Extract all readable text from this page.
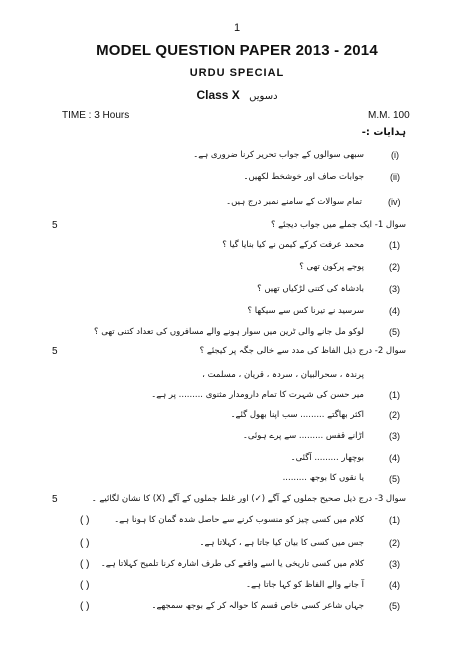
1
MODEL QUESTION PAPER 2013 - 2014
URDU SPECIAL
Class X دسویں
TIME : 3 Hours	M.M. 100
ہدایات :-
(i)
سبھی سوالوں کے جواب تحریر کرنا ضروری ہے۔
(ii)
جوابات صاف اور خوشخط لکھیں۔
(iv)
تمام سوالات کے سامنے نمبر درج ہیں۔
5	سوال 1- ایک جملے میں جواب دیجئے ؟
(1)
محمد عرفت کرکے کیمن نے کیا بنایا گیا ؟
(2)
پوجے پرکون تھی ؟
(3)
بادشاہ کی کتنی لڑکیاں تھیں ؟
(4)
سرسید نے تیرنا کس سے سیکھا ؟
(5)
لوکو مل جانے والی ٹرین میں سوار ہونے والے مسافروں کی تعداد کتنی تھی ؟
5	سوال 2- درج ذیل الفاظ کی مدد سے خالی جگہ پر کیجئے ؟
پرندہ ، سحرالبیان ، سردہ ، قریان ، مسلمت ،
(1)
میر حسن کی شہرت کا تمام دارومدار مثنوی ......... پر ہے۔
(2)
اکثر بھاگتے ......... سب اپنا بھول گئے۔
(3)
اڑانے قفس ......... سے پرے ہوئی۔
(4)
بوچھار ......... آگئی۔
(5)
یا نقوں کا بوجھ .........
5	سوال 3- درج ذیل صحیح جملوں کے آگے (✓) اور غلط جملوں کے آگے (X) کا نشان لگائیے ۔
( )	(1)
کلام میں کسی چیز کو منسوب کرنے سے حاصل شدہ گمان کا ہونا ہے۔
( )	(2)
جس میں کسی کا بیان کیا جاتا ہے ، کہلاتا ہے۔
( )	(3)
کلام میں کسی تاریخی یا اسے واقعے کی طرف اشارہ کرنا تلمیح کہلاتا ہے۔
( )	(4)
آ جانے والے الفاظ کو کہا جاتا ہے۔
( )	(5)
جہاں شاعر کسی خاص قسم کا حوالہ کر کے بوجھ سمجھے۔
